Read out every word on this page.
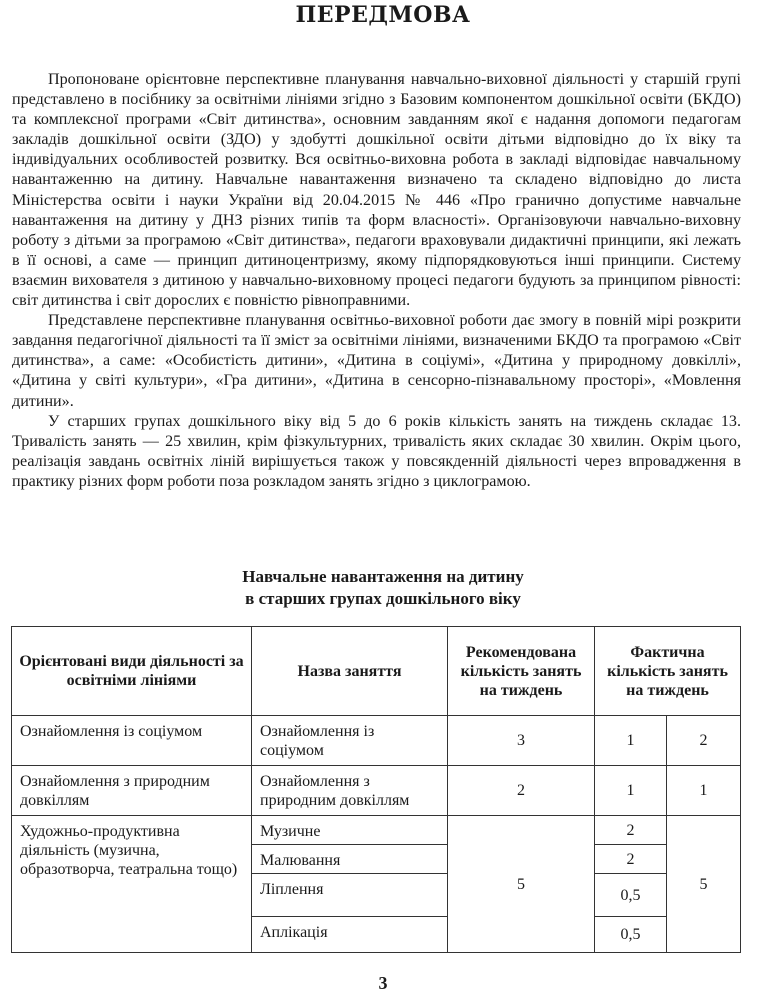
ПЕРЕДМОВА

Пропоноване орієнтовне перспективне планування навчально-виховної діяльності у старшій групі представлено в посібнику за освітніми лініями згідно з Базовим компонентом дошкільної освіти (БКДО) та комплексної програми «Світ дитинства», основним завданням якої є надання допомоги педагогам закладів дошкільної освіти (ЗДО) у здобутті дошкільної освіти дітьми відповідно до їх віку та індивідуальних особливостей розвитку. Вся освітньо-виховна робота в закладі відповідає навчальному навантаженню на дитину. Навчальне навантаження визначено та складено відповідно до листа Міністерства освіти і науки України від 20.04.2015 № 446 «Про гранично допустиме навчальне навантаження на дитину у ДНЗ різних типів та форм власності». Організовуючи навчально-виховну роботу з дітьми за програмою «Світ дитинства», педагоги враховували дидактичні принципи, які лежать в її основі, а саме — принцип дитиноцентризму, якому підпорядковуються інші принципи. Систему взаємин вихователя з дитиною у навчально-виховному процесі педагоги будують за принципом рівності: світ дитинства і світ дорослих є повністю рівноправними.

Представлене перспективне планування освітньо-виховної роботи дає змогу в повній мірі розкрити завдання педагогічної діяльності та її зміст за освітніми лініями, визначеними БКДО та програмою «Світ дитинства», а саме: «Особистість дитини», «Дитина в соціумі», «Дитина у природному довкіллі», «Дитина у світі культури», «Гра дитини», «Дитина в сенсорно-пізнавальному просторі», «Мовлення дитини».

У старших групах дошкільного віку від 5 до 6 років кількість занять на тиждень складає 13. Тривалість занять — 25 хвилин, крім фізкультурних, тривалість яких складає 30 хвилин. Окрім цього, реалізація завдань освітніх ліній вирішується також у повсякденній діяльності через впровадження в практику різних форм роботи поза розкладом занять згідно з циклограмою.

Навчальне навантаження на дитину
в старших групах дошкільного віку
Орієнтовані види діяльності за освітніми лініями	Назва заняття	Рекомендована кількість занять на тиждень	Фактична кількість занять на тиждень	
Ознайомлення із соціумом	Ознайомлення із соціумом	3	1	2
Ознайомлення з природним довкіллям	Ознайомлення з природним довкіллям	2	1	1
Художньо-продуктивна діяльність (музична, образотворча, театральна тощо)	Музичне	5	2	5
	Малювання		2	
	Ліплення		0,5	
	Аплікація		0,5	
3
